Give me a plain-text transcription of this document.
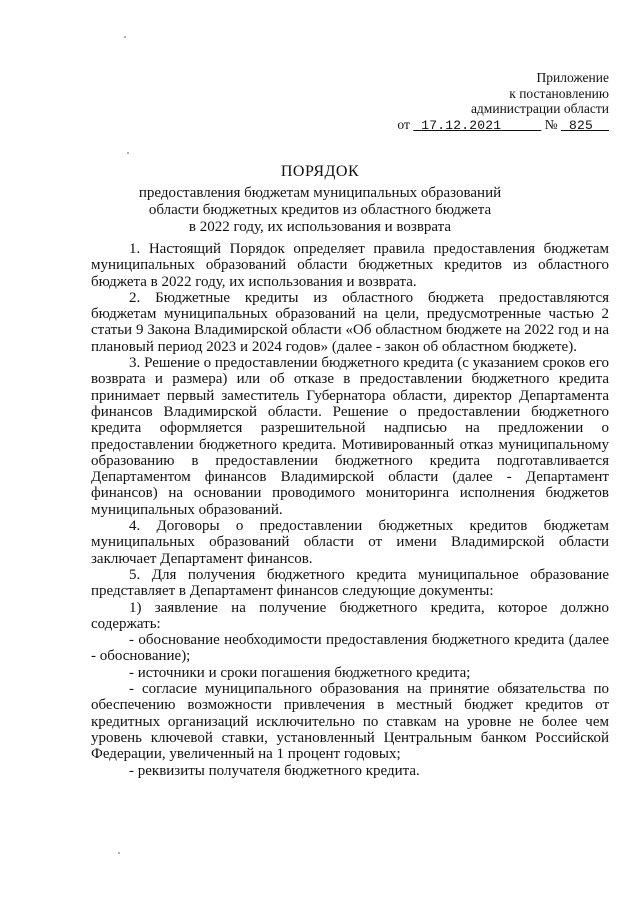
Приложение
к постановлению
администрации области
от 17.12.2021	№ 825
ПОРЯДОК
предоставления бюджетам муниципальных образований
области бюджетных кредитов из областного бюджета
в 2022 году, их использования и возврата

1. Настоящий Порядок определяет правила предоставления бюджетам муниципальных образований области бюджетных кредитов из областного бюджета в 2022 году, их использования и возврата.

2. Бюджетные кредиты из областного бюджета предоставляются бюджетам муниципальных образований на цели, предусмотренные частью 2 статьи 9 Закона Владимирской области «Об областном бюджете на 2022 год и на плановый период 2023 и 2024 годов» (далее - закон об областном бюджете).

3. Решение о предоставлении бюджетного кредита (с указанием сроков его возврата и размера) или об отказе в предоставлении бюджетного кредита принимает первый заместитель Губернатора области, директор Департамента финансов Владимирской области. Решение о предоставлении бюджетного кредита оформляется разрешительной надписью на предложении о предоставлении бюджетного кредита. Мотивированный отказ муниципальному образованию в предоставлении бюджетного кредита подготавливается Департаментом финансов Владимирской области (далее - Департамент финансов) на основании проводимого мониторинга исполнения бюджетов муниципальных образований.

4. Договоры о предоставлении бюджетных кредитов бюджетам муниципальных образований области от имени Владимирской области заключает Департамент финансов.

5. Для получения бюджетного кредита муниципальное образование представляет в Департамент финансов следующие документы:

1) заявление на получение бюджетного кредита, которое должно содержать:

- обоснование необходимости предоставления бюджетного кредита (далее - обоснование);

- источники и сроки погашения бюджетного кредита;

- согласие муниципального образования на принятие обязательства по обеспечению возможности привлечения в местный бюджет кредитов от кредитных организаций исключительно по ставкам на уровне не более чем уровень ключевой ставки, установленный Центральным банком Российской Федерации, увеличенный на 1 процент годовых;

- реквизиты получателя бюджетного кредита.
